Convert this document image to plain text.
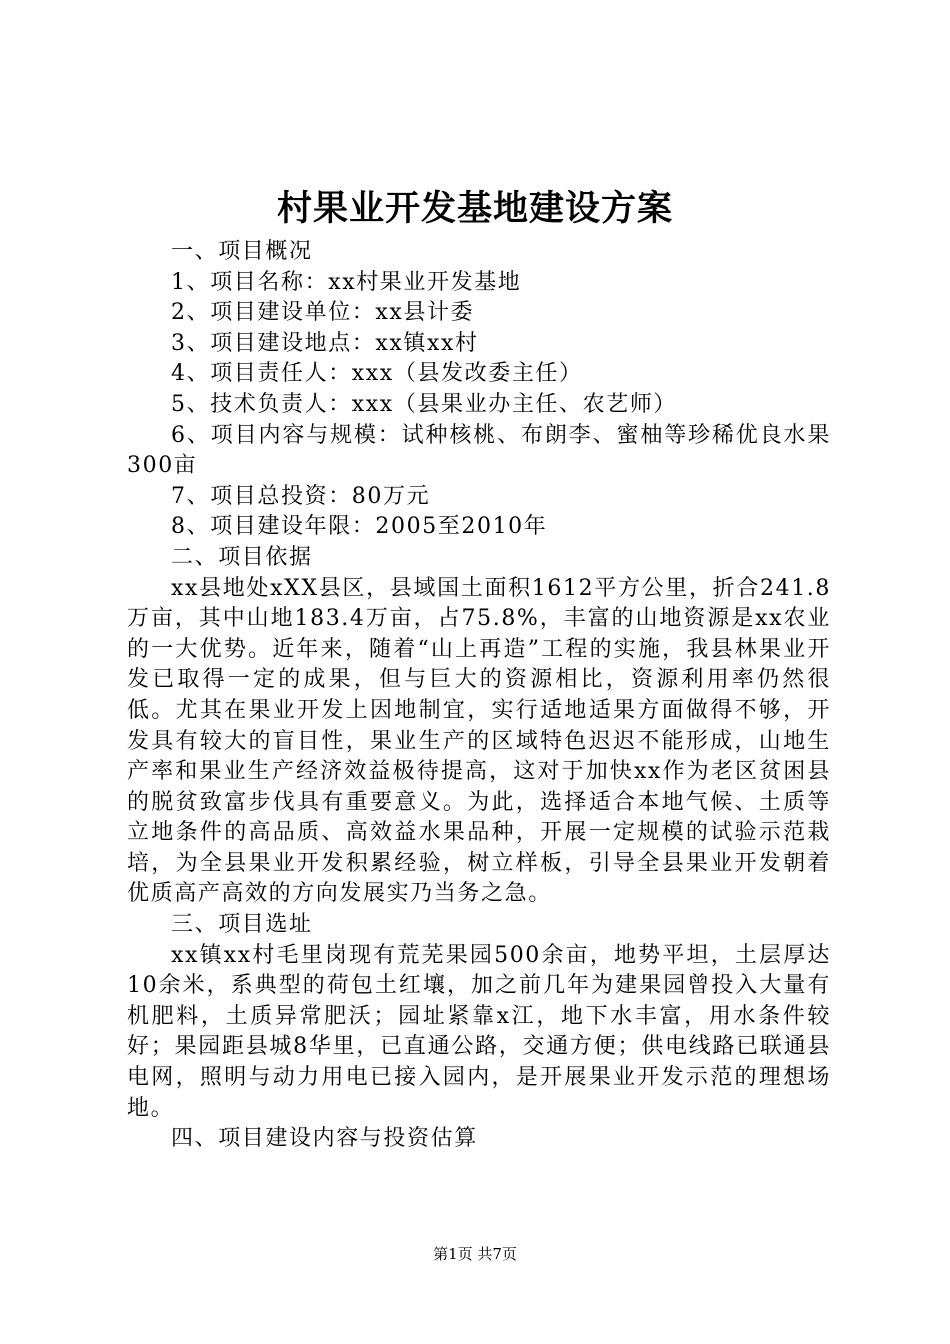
村果业开发基地建设方案

一、项目概况

1、项目名称：xx村果业开发基地

2、项目建设单位：xx县计委

3、项目建设地点：xx镇xx村

4、项目责任人：xxx（县发改委主任）

5、技术负责人：xxx（县果业办主任、农艺师）

6、项目内容与规模：试种核桃、布朗李、蜜柚等珍稀优良水果300亩

7、项目总投资：80万元

8、项目建设年限：2005至2010年

二、项目依据

xx县地处xXX县区，县域国土面积1612平方公里，折合241.8万亩，其中山地183.4万亩，占75.8%，丰富的山地资源是xx农业的一大优势。近年来，随着“山上再造”工程的实施，我县林果业开发已取得一定的成果，但与巨大的资源相比，资源利用率仍然很低。尤其在果业开发上因地制宜，实行适地适果方面做得不够，开发具有较大的盲目性，果业生产的区域特色迟迟不能形成，山地生产率和果业生产经济效益极待提高，这对于加快xx作为老区贫困县的脱贫致富步伐具有重要意义。为此，选择适合本地气候、土质等立地条件的高品质、高效益水果品种，开展一定规模的试验示范栽培，为全县果业开发积累经验，树立样板，引导全县果业开发朝着优质高产高效的方向发展实乃当务之急。

三、项目选址

xx镇xx村毛里岗现有荒芜果园500余亩，地势平坦，土层厚达10余米，系典型的荷包土红壤，加之前几年为建果园曾投入大量有机肥料，土质异常肥沃；园址紧靠x江，地下水丰富，用水条件较好；果园距县城8华里，已直通公路，交通方便；供电线路已联通县电网，照明与动力用电已接入园内，是开展果业开发示范的理想场地。

四、项目建设内容与投资估算

第1页 共7页
